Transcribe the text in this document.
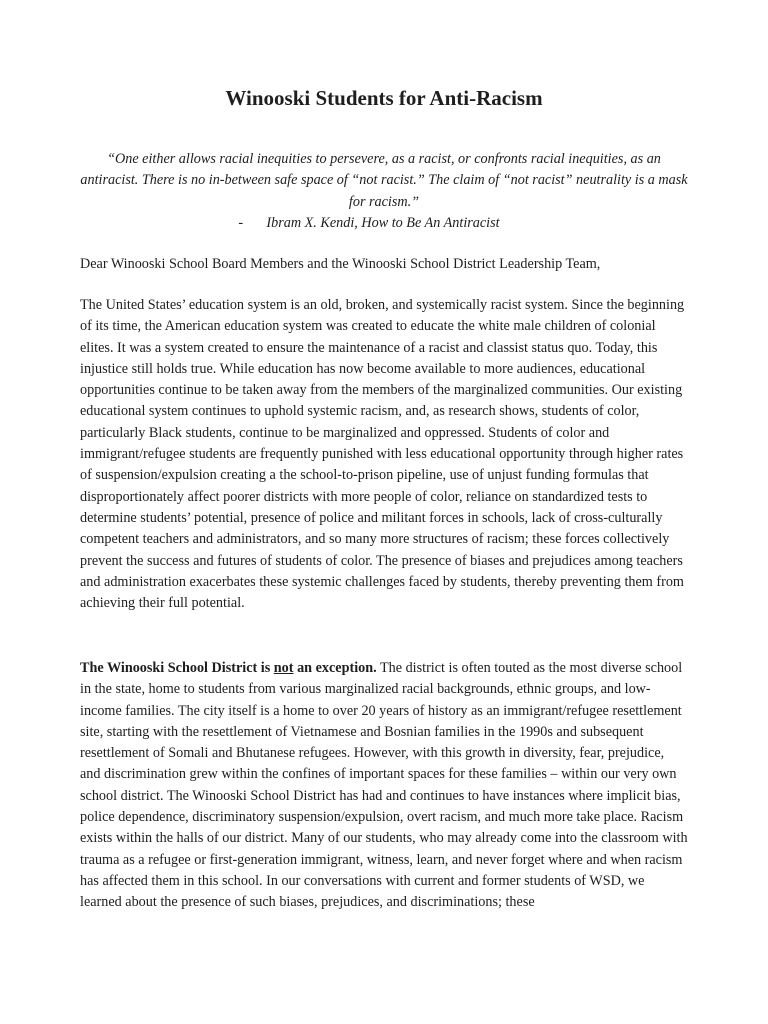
Winooski Students for Anti-Racism

“One either allows racial inequities to persevere, as a racist, or confronts racial inequities, as an antiracist. There is no in-between safe space of “not racist.” The claim of “not racist” neutrality is a mask for racism.”

- Ibram X. Kendi, How to Be An Antiracist

Dear Winooski School Board Members and the Winooski School District Leadership Team,

The United States’ education system is an old, broken, and systemically racist system. Since the beginning of its time, the American education system was created to educate the white male children of colonial elites. It was a system created to ensure the maintenance of a racist and classist status quo. Today, this injustice still holds true. While education has now become available to more audiences, educational opportunities continue to be taken away from the members of the marginalized communities. Our existing educational system continues to uphold systemic racism, and, as research shows, students of color, particularly Black students, continue to be marginalized and oppressed. Students of color and immigrant/refugee students are frequently punished with less educational opportunity through higher rates of suspension/expulsion creating a the school-to-prison pipeline, use of unjust funding formulas that disproportionately affect poorer districts with more people of color, reliance on standardized tests to determine students’ potential, presence of police and militant forces in schools, lack of cross-culturally competent teachers and administrators, and so many more structures of racism; these forces collectively prevent the success and futures of students of color. The presence of biases and prejudices among teachers and administration exacerbates these systemic challenges faced by students, thereby preventing them from achieving their full potential.

The Winooski School District is not an exception. The district is often touted as the most diverse school in the state, home to students from various marginalized racial backgrounds, ethnic groups, and low-income families. The city itself is a home to over 20 years of history as an immigrant/refugee resettlement site, starting with the resettlement of Vietnamese and Bosnian families in the 1990s and subsequent resettlement of Somali and Bhutanese refugees. However, with this growth in diversity, fear, prejudice, and discrimination grew within the confines of important spaces for these families – within our very own school district. The Winooski School District has had and continues to have instances where implicit bias, police dependence, discriminatory suspension/expulsion, overt racism, and much more take place. Racism exists within the halls of our district. Many of our students, who may already come into the classroom with trauma as a refugee or first-generation immigrant, witness, learn, and never forget where and when racism has affected them in this school. In our conversations with current and former students of WSD, we learned about the presence of such biases, prejudices, and discriminations; these
